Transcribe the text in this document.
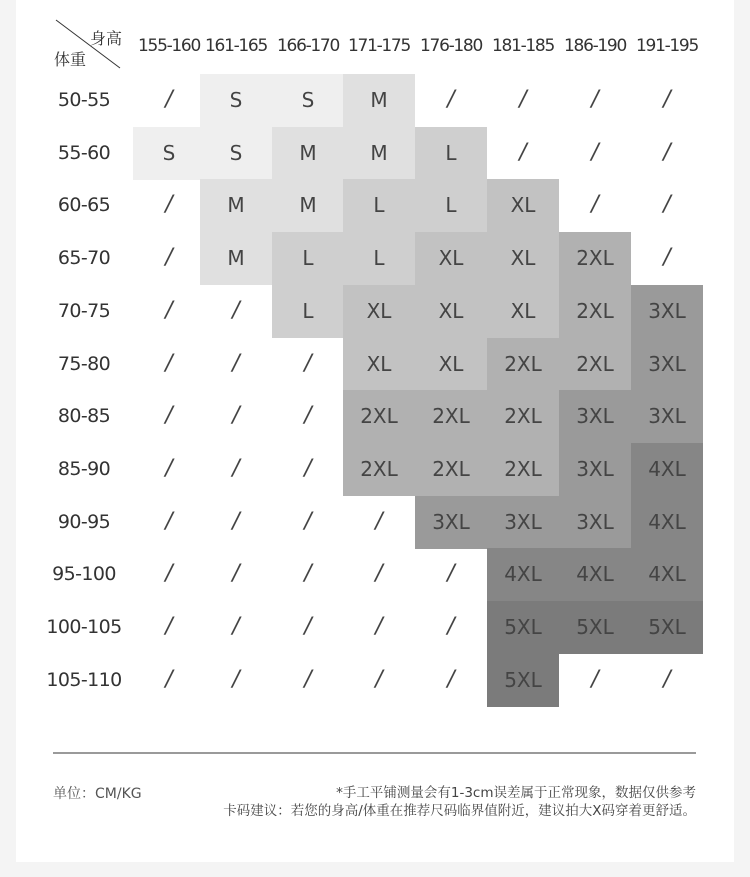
身高
体重
155-160 161-165 166-170 171-175 176-180 181-185 186-190 191-195
50-55	/	S	S	M	/	/	/	/
55-60	S	S	M	M	L	/	/	/
60-65	/	M	M	L	L	XL	/	/
65-70	/	M	L	L	XL	XL	2XL	/
70-75	/	/	L	XL	XL	XL	2XL	3XL
75-80	/	/	/	XL	XL	2XL	2XL	3XL
80-85	/	/	/	2XL	2XL	2XL	3XL	3XL
85-90	/	/	/	2XL	2XL	2XL	3XL	4XL
90-95	/	/	/	/	3XL	3XL	3XL	4XL
95-100	/	/	/	/	/	4XL	4XL	4XL
100-105	/	/	/	/	/	5XL	5XL	5XL
105-110	/	/	/	/	/	5XL	/	/
单位：CM/KG	*手工平铺测量会有1-3cm误差属于正常现象，数据仅供参考
卡码建议：若您的身高/体重在推荐尺码临界值附近，建议拍大X码穿着更舒适。
